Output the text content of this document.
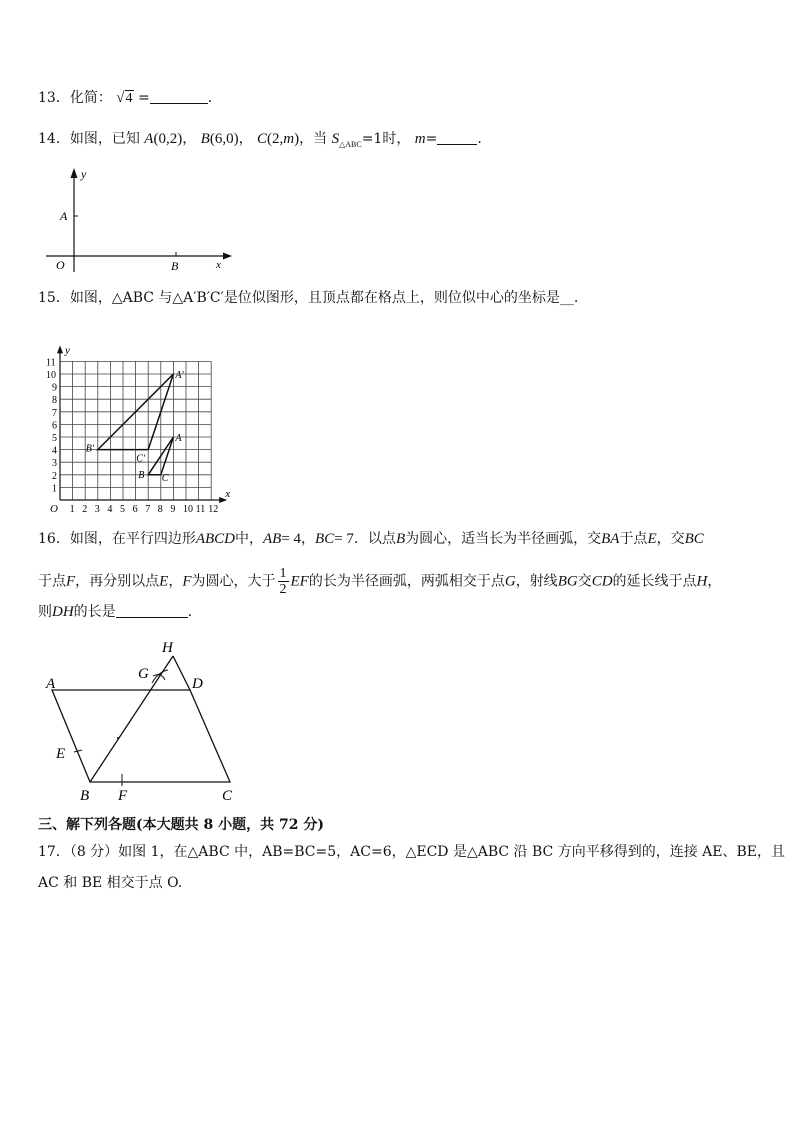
13．化简： √4 =	.
14．如图，已知 A(0,2)， B(6,0)， C(2,m)，当 $S_{\triangle ABC}=1$时， m=	.
y
A
O	B	x
15．如图，△ABC 与△A′B′C′是位似图形，且顶点都在格点上，则位似中心的坐标是__.
1 2 3 4 5 6 7 8 9 10 11 12
1
2
3
4
5
6
7
8
9
10
11
A′
B′
C′
A
B C
y
x
O
16．如图，在平行四边形ABCD中，AB= 4，BC= 7．以点B为圆心，适当长为半径画弧，交BA于点E，交BC
于点F，再分别以点E，F为圆心，大于 $\frac{1}{2}$ EF的长为半径画弧，两弧相交于点G，射线BG交CD的延长线于点H，
则DH的长是	.
H
G
A	D
E
B F	C
三、解下列各题(本大题共 8 小题，共 72 分)
17．（8 分）如图 1，在△ABC 中，AB=BC=5，AC=6，△ECD 是△ABC 沿 BC 方向平移得到的，连接 AE、BE，且
AC 和 BE 相交于点 O.
